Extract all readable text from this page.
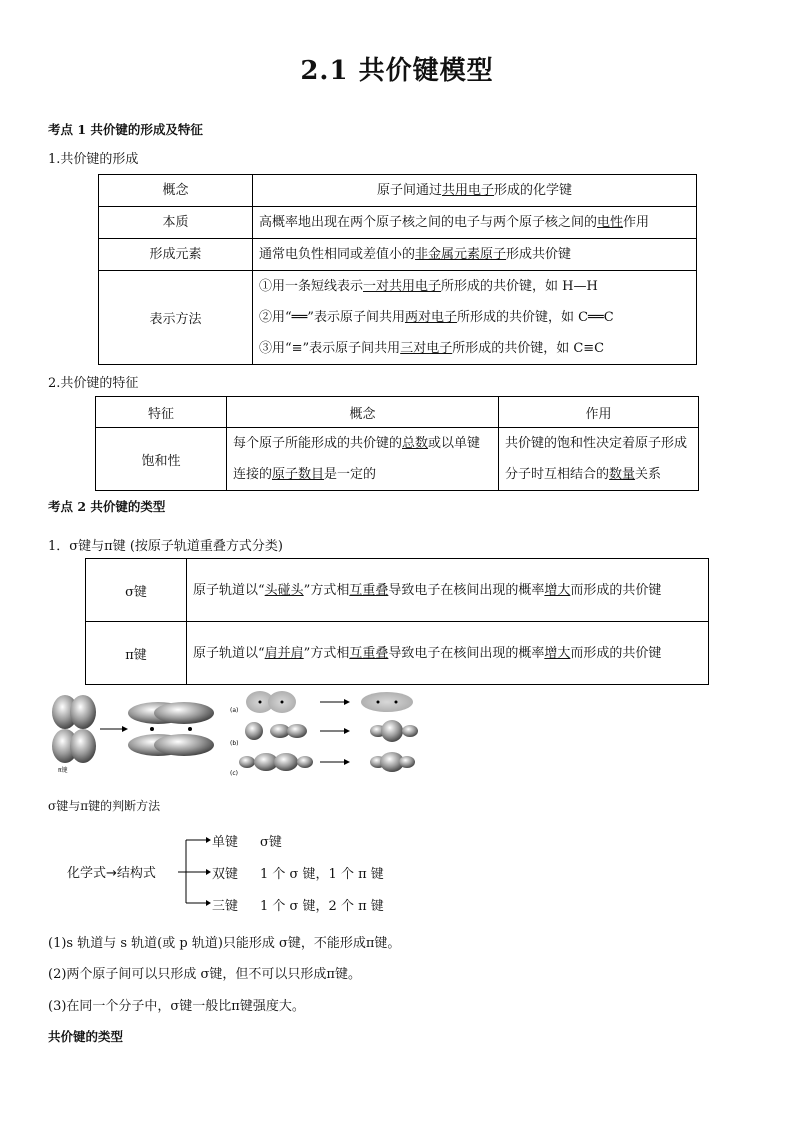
2.1 共价键模型
考点 1 共价键的形成及特征
1.共价键的形成
概念	原子间通过共用电子形成的化学键
本质	高概率地出现在两个原子核之间的电子与两个原子核之间的电性作用
形成元素	通常电负性相同或差值小的非金属元素原子形成共价键
表示方法	①用一条短线表示一对共用电子所形成的共价键，如 H—H
②用“══”表示原子间共用两对电子所形成的共价键，如 C══C
③用“≡”表示原子间共用三对电子所形成的共价键，如 C≡C
2.共价键的特征
特征	概念	作用
饱和性	每个原子所能形成的共价键的总数或以单键连接的原子数目是一定的	共价键的饱和性决定着原子形成分子时互相结合的数量关系
考点 2 共价键的类型
1．σ键与π键 (按原子轨道重叠方式分类)
σ键	原子轨道以“头碰头”方式相互重叠导致电子在核间出现的概率增大而形成的共价键
π键	原子轨道以“肩并肩”方式相互重叠导致电子在核间出现的概率增大而形成的共价键
π键
(a)
(b)
(c)
σ键与π键的判断方法
化学式→结构式
单键 σ键
双键 1 个 σ 键，1 个 π 键
三键 1 个 σ 键，2 个 π 键
(1)s 轨道与 s 轨道(或 p 轨道)只能形成 σ键，不能形成π键。
(2)两个原子间可以只形成 σ键，但不可以只形成π键。
(3)在同一个分子中，σ键一般比π键强度大。
共价键的类型
